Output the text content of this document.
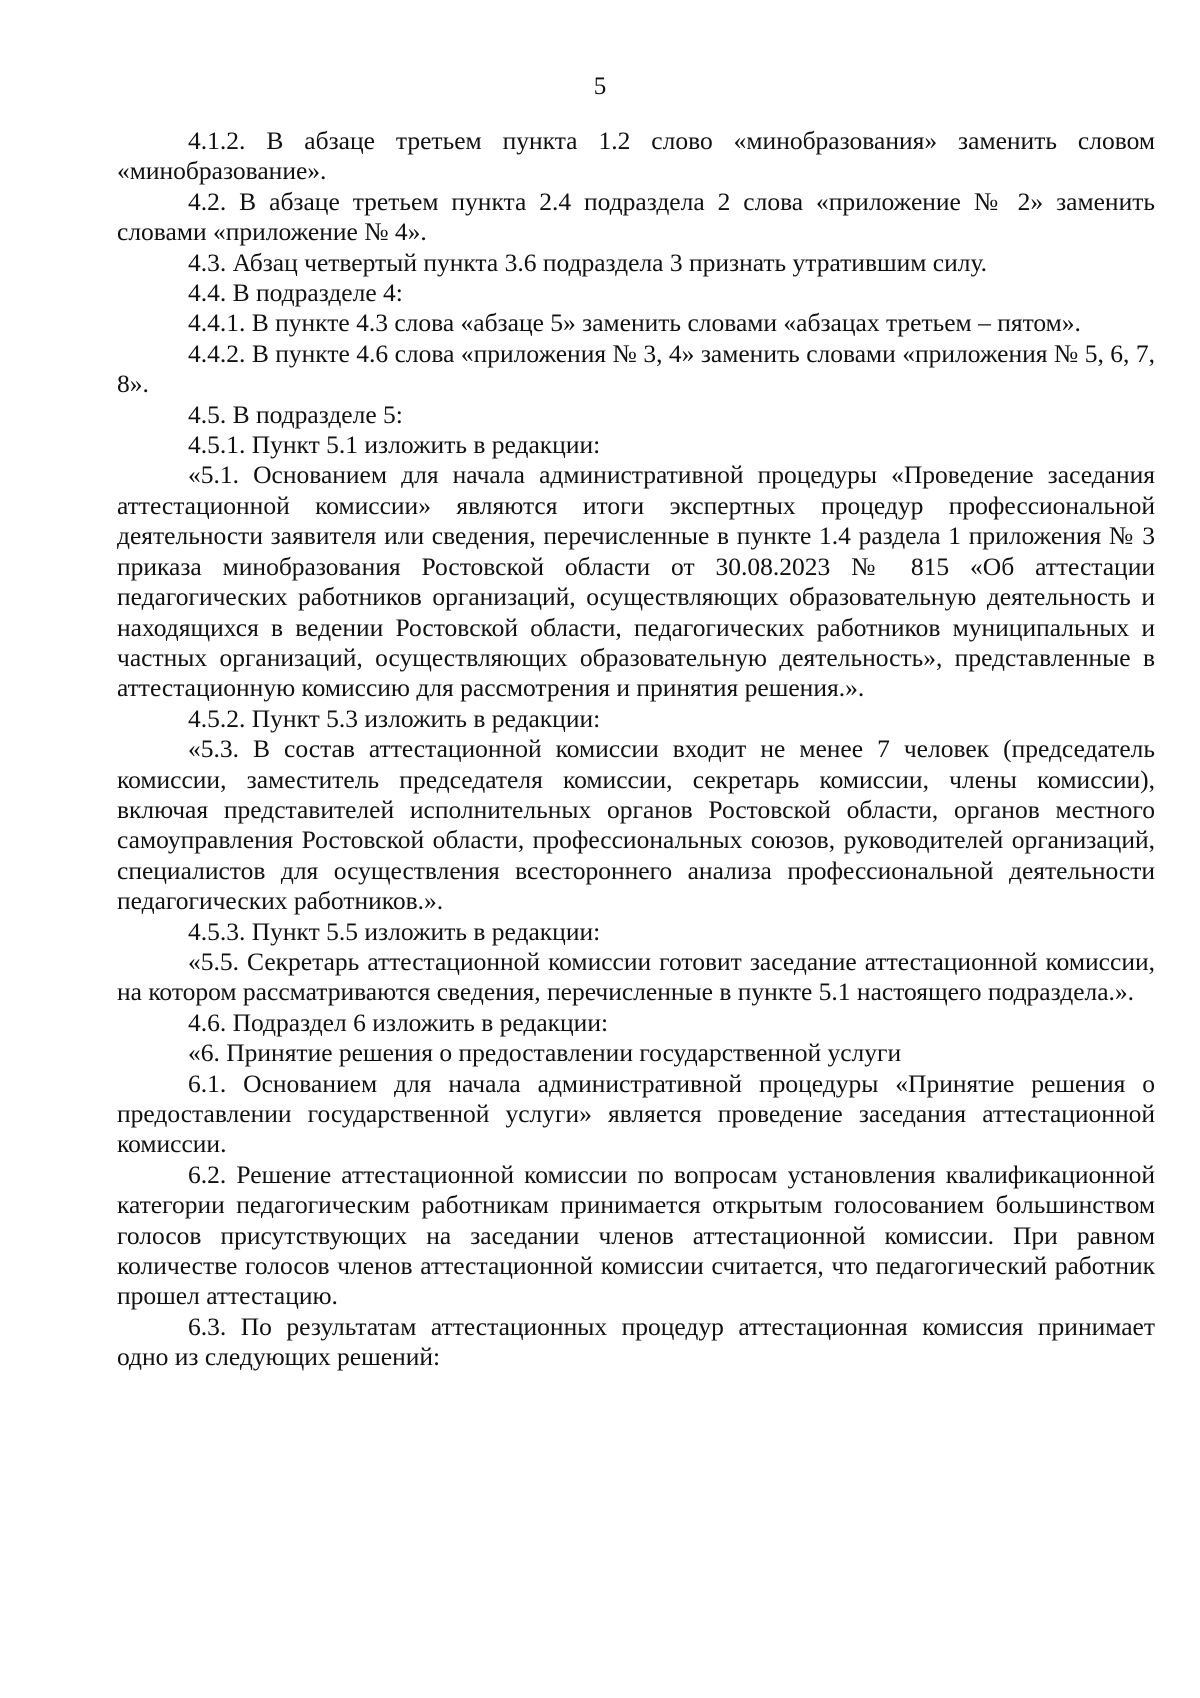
5

4.1.2. В абзаце третьем пункта 1.2 слово «минобразования» заменить словом «минобразование».

4.2. В абзаце третьем пункта 2.4 подраздела 2 слова «приложение № 2» заменить словами «приложение № 4».

4.3. Абзац четвертый пункта 3.6 подраздела 3 признать утратившим силу.

4.4. В подразделе 4:

4.4.1. В пункте 4.3 слова «абзаце 5» заменить словами «абзацах третьем – пятом».

4.4.2. В пункте 4.6 слова «приложения № 3, 4» заменить словами «приложения № 5, 6, 7, 8».

4.5. В подразделе 5:

4.5.1. Пункт 5.1 изложить в редакции:

«5.1. Основанием для начала административной процедуры «Проведение заседания аттестационной комиссии» являются итоги экспертных процедур профессиональной деятельности заявителя или сведения, перечисленные в пункте 1.4 раздела 1 приложения № 3 приказа минобразования Ростовской области от 30.08.2023 № 815 «Об аттестации педагогических работников организаций, осуществляющих образовательную деятельность и находящихся в ведении Ростовской области, педагогических работников муниципальных и частных организаций, осуществляющих образовательную деятельность», представленные в аттестационную комиссию для рассмотрения и принятия решения.».

4.5.2. Пункт 5.3 изложить в редакции:

«5.3. В состав аттестационной комиссии входит не менее 7 человек (председатель комиссии, заместитель председателя комиссии, секретарь комиссии, члены комиссии), включая представителей исполнительных органов Ростовской области, органов местного самоуправления Ростовской области, профессиональных союзов, руководителей организаций, специалистов для осуществления всестороннего анализа профессиональной деятельности педагогических работников.».

4.5.3. Пункт 5.5 изложить в редакции:

«5.5. Секретарь аттестационной комиссии готовит заседание аттестационной комиссии, на котором рассматриваются сведения, перечисленные в пункте 5.1 настоящего подраздела.».

4.6. Подраздел 6 изложить в редакции:

«6. Принятие решения о предоставлении государственной услуги

6.1. Основанием для начала административной процедуры «Принятие решения о предоставлении государственной услуги» является проведение заседания аттестационной комиссии.

6.2. Решение аттестационной комиссии по вопросам установления квалификационной категории педагогическим работникам принимается открытым голосованием большинством голосов присутствующих на заседании членов аттестационной комиссии. При равном количестве голосов членов аттестационной комиссии считается, что педагогический работник прошел аттестацию.

6.3. По результатам аттестационных процедур аттестационная комиссия принимает одно из следующих решений:
